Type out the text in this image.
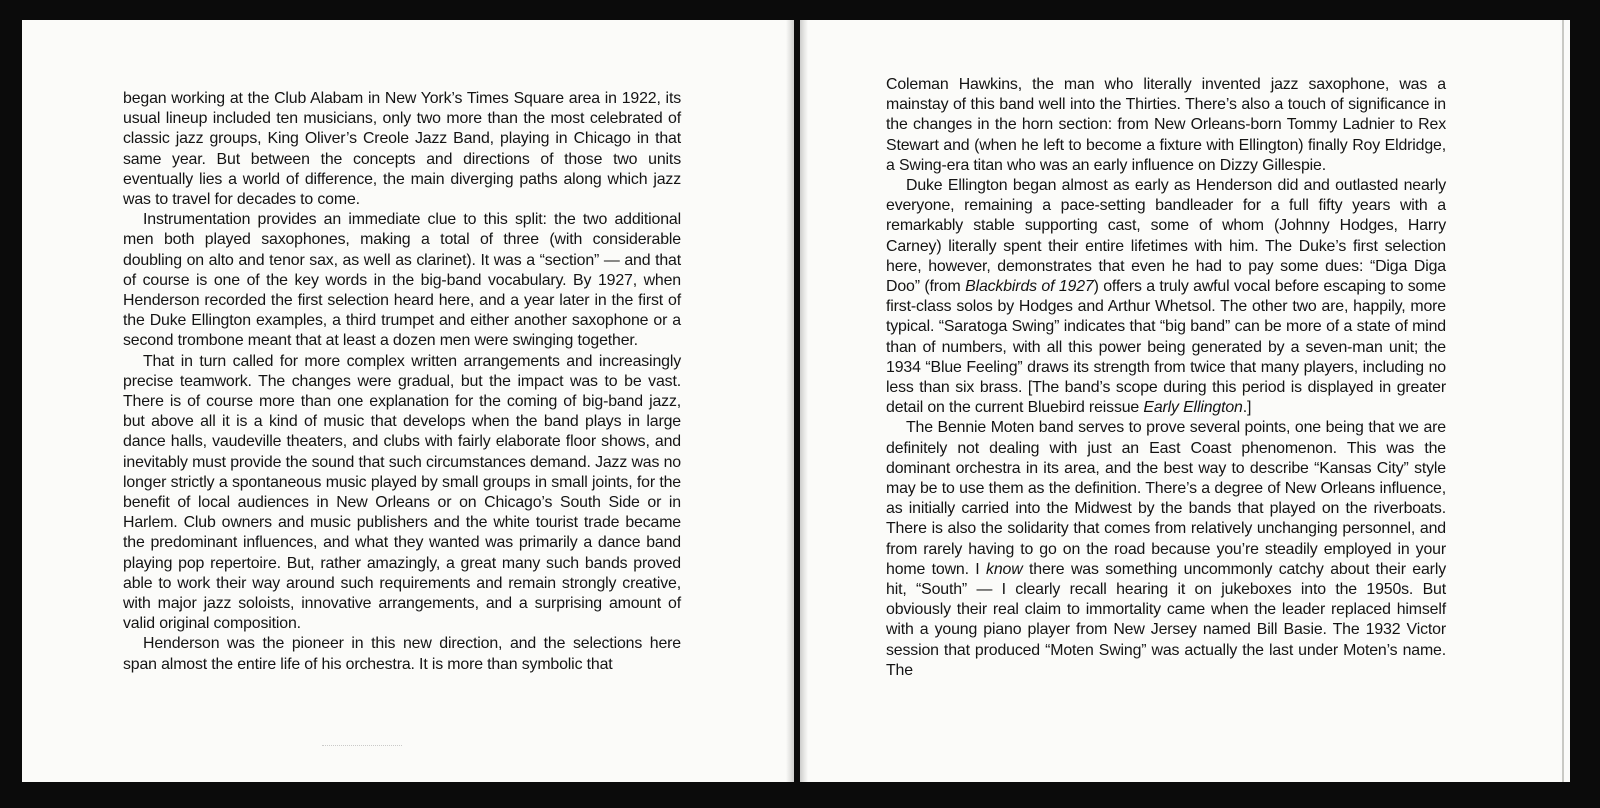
began working at the Club Alabam in New York’s Times Square area in 1922, its usual lineup included ten musicians, only two more than the most celebrated of classic jazz groups, King Oliver’s Creole Jazz Band, playing in Chicago in that same year. But between the concepts and directions of those two units eventually lies a world of difference, the main diverging paths along which jazz was to travel for decades to come.

Instrumentation provides an immediate clue to this split: the two additional men both played saxophones, making a total of three (with considerable doubling on alto and tenor sax, as well as clarinet). It was a “section” — and that of course is one of the key words in the big-band vocabulary. By 1927, when Henderson recorded the first selection heard here, and a year later in the first of the Duke Ellington examples, a third trumpet and either another saxophone or a second trombone meant that at least a dozen men were swinging together.

That in turn called for more complex written arrangements and increasingly precise teamwork. The changes were gradual, but the impact was to be vast. There is of course more than one explanation for the coming of big-band jazz, but above all it is a kind of music that develops when the band plays in large dance halls, vaudeville theaters, and clubs with fairly elaborate floor shows, and inevitably must provide the sound that such circumstances demand. Jazz was no longer strictly a spontaneous music played by small groups in small joints, for the benefit of local audiences in New Orleans or on Chicago’s South Side or in Harlem. Club owners and music publishers and the white tourist trade became the predominant influences, and what they wanted was primarily a dance band playing pop repertoire. But, rather amazingly, a great many such bands proved able to work their way around such requirements and remain strongly creative, with major jazz soloists, innovative arrangements, and a surprising amount of valid original composition.

Henderson was the pioneer in this new direction, and the selections here span almost the entire life of his orchestra. It is more than symbolic that

Coleman Hawkins, the man who literally invented jazz saxophone, was a mainstay of this band well into the Thirties. There’s also a touch of significance in the changes in the horn section: from New Orleans-born Tommy Ladnier to Rex Stewart and (when he left to become a fixture with Ellington) finally Roy Eldridge, a Swing-era titan who was an early influence on Dizzy Gillespie.

Duke Ellington began almost as early as Henderson did and outlasted nearly everyone, remaining a pace-setting bandleader for a full fifty years with a remarkably stable supporting cast, some of whom (Johnny Hodges, Harry Carney) literally spent their entire lifetimes with him. The Duke’s first selection here, however, demonstrates that even he had to pay some dues: “Diga Diga Doo” (from Blackbirds of 1927) offers a truly awful vocal before escaping to some first-class solos by Hodges and Arthur Whetsol. The other two are, happily, more typical. “Saratoga Swing” indicates that “big band” can be more of a state of mind than of numbers, with all this power being generated by a seven-man unit; the 1934 “Blue Feeling” draws its strength from twice that many players, including no less than six brass. [The band’s scope during this period is displayed in greater detail on the current Bluebird reissue Early Ellington.]

The Bennie Moten band serves to prove several points, one being that we are definitely not dealing with just an East Coast phenomenon. This was the dominant orchestra in its area, and the best way to describe “Kansas City” style may be to use them as the definition. There’s a degree of New Orleans influence, as initially carried into the Midwest by the bands that played on the riverboats. There is also the solidarity that comes from relatively unchanging personnel, and from rarely having to go on the road because you’re steadily employed in your home town. I know there was something uncommonly catchy about their early hit, “South” — I clearly recall hearing it on jukeboxes into the 1950s. But obviously their real claim to immortality came when the leader replaced himself with a young piano player from New Jersey named Bill Basie. The 1932 Victor session that produced “Moten Swing” was actually the last under Moten’s name. The
